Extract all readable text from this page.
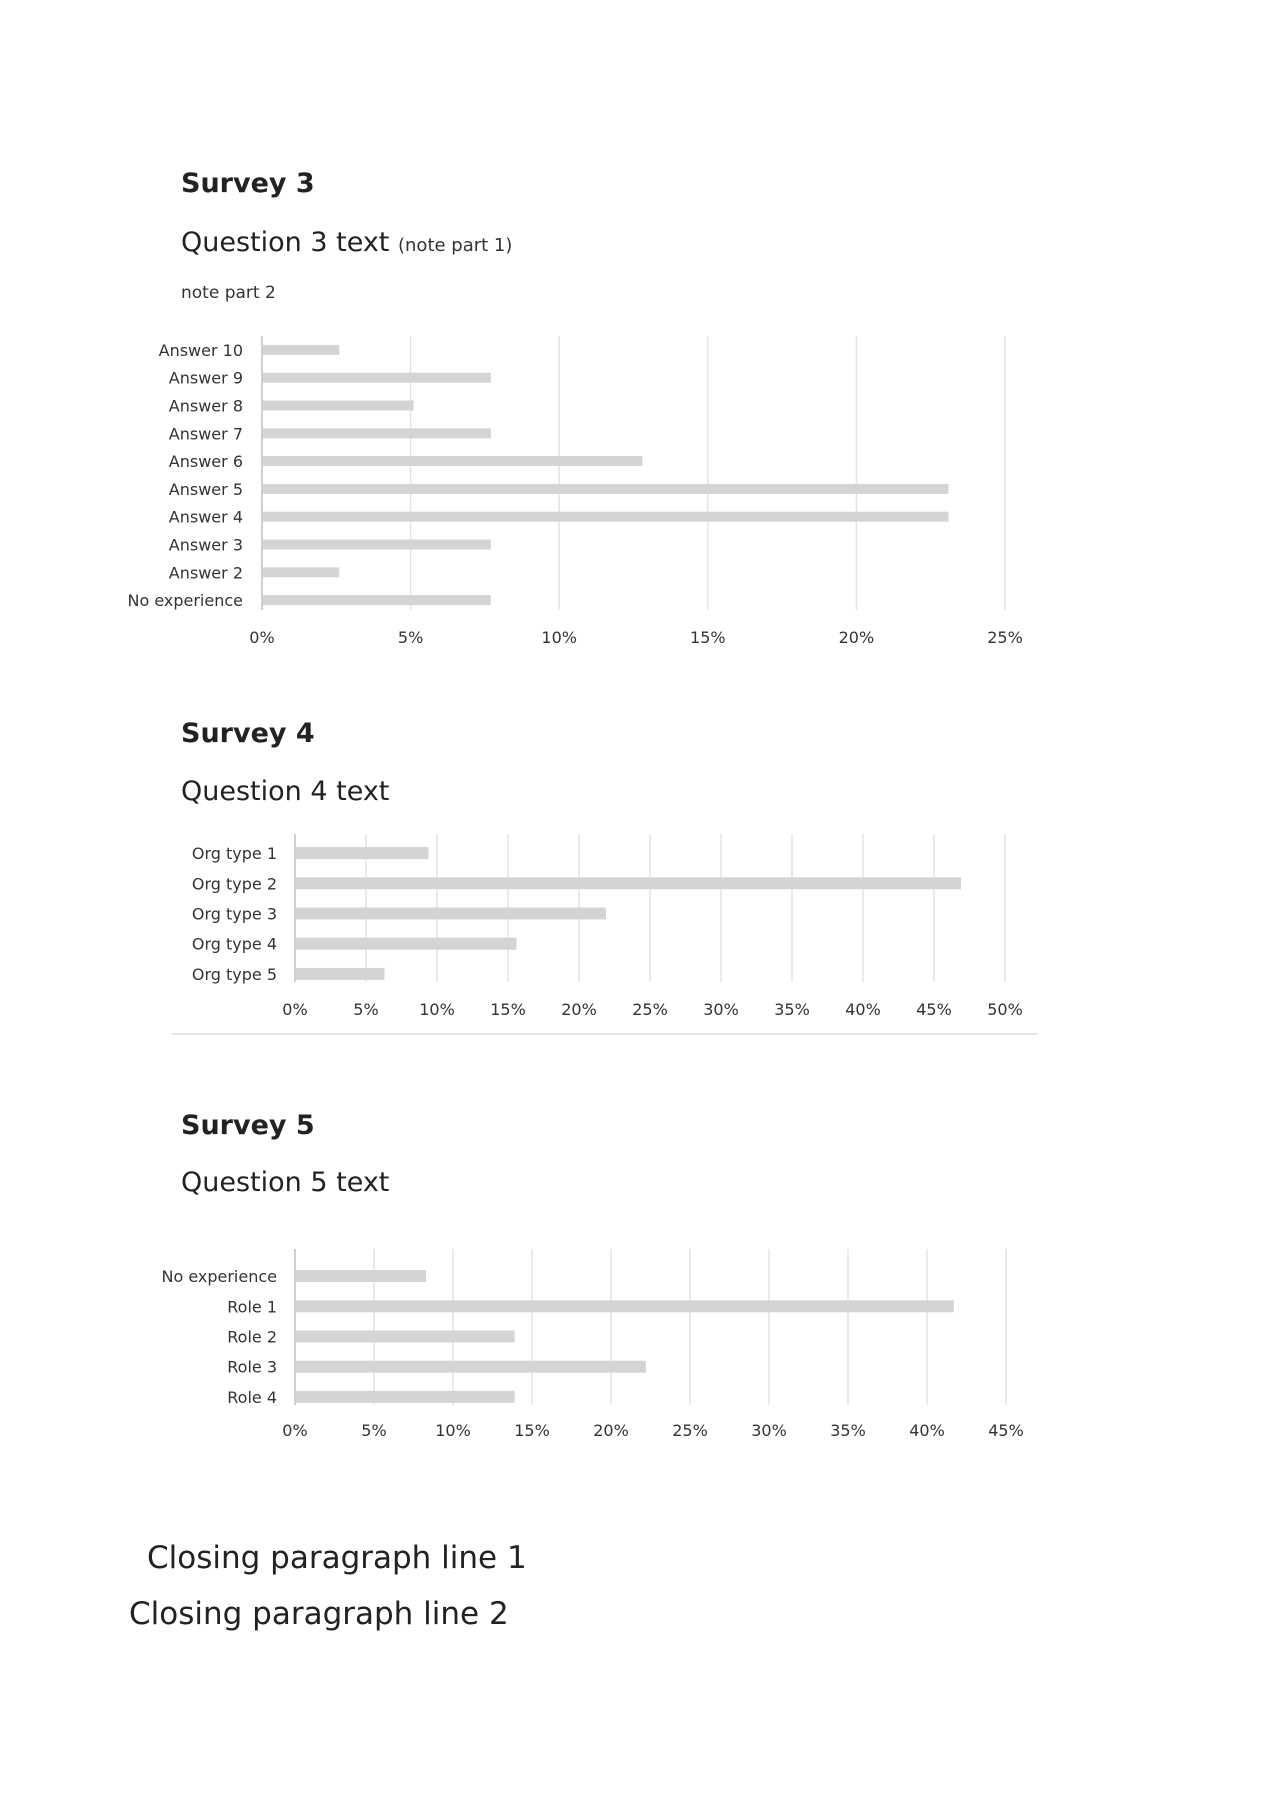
Survey 3
Question 3 text (note part 1)
note part 2
0%	5%	10%	15%	20%	25%
Answer 10
Answer 9
Answer 8
Answer 7
Answer 6
Answer 5
Answer 4
Answer 3
Answer 2
No experience
Survey 4
Question 4 text
0%	5%	10% 15% 20% 25% 30% 35% 40% 45% 50%
Org type 1
Org type 2
Org type 3
Org type 4
Org type 5
Survey 5
Question 5 text
0%	5%	10%	15%	20%	25%	30%	35%	40%	45%
No experience
Role 1
Role 2
Role 3
Role 4
Closing paragraph line 1
Closing paragraph line 2
